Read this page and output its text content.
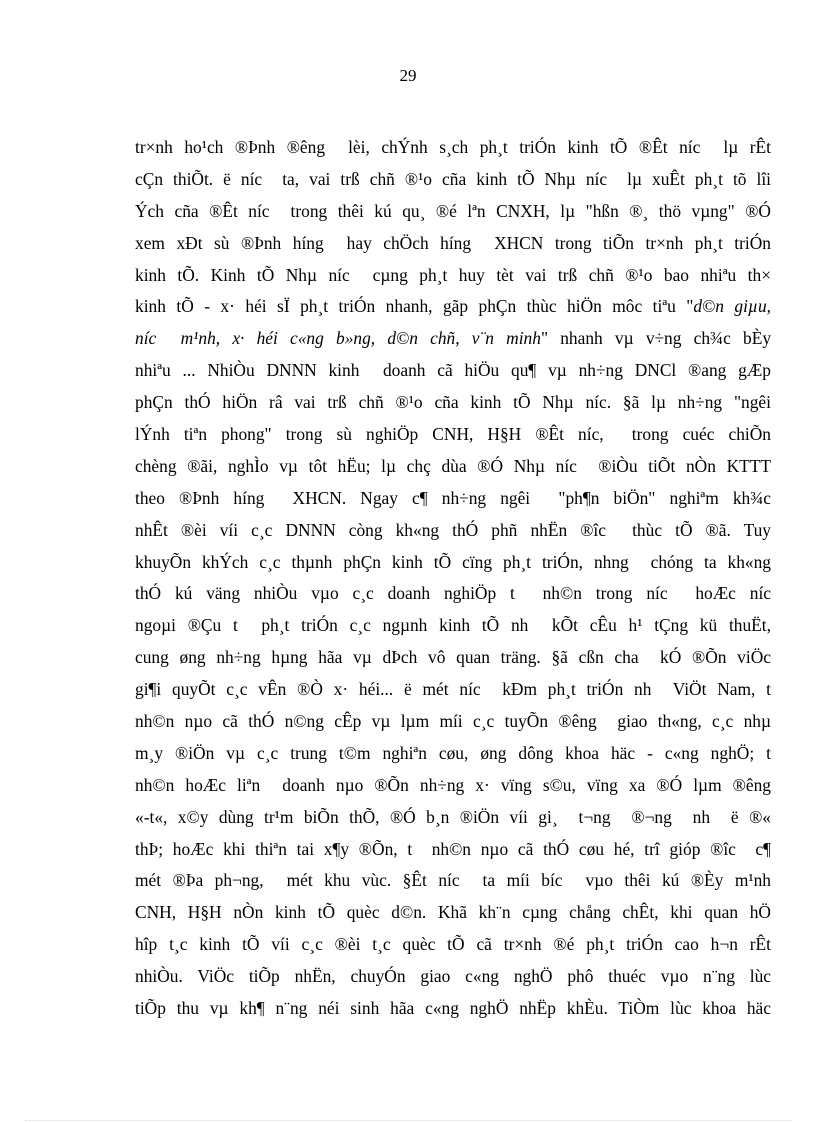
29
tr×nh ho¹ch ®Þnh ®êng  lèi, chÝnh s¸ch ph¸t triÓn kinh tÕ ®Êt níc  lµ rÊt
cÇn thiÕt. ë níc  ta, vai trß chñ ®¹o cña kinh tÕ Nhµ níc  lµ xuÊt ph¸t tõ lîi
Ých cña ®Êt níc  trong thêi kú qu¸ ®é lªn CNXH, lµ "hßn ®¸ thö vµng" ®Ó
xem xÐt sù ®Þnh híng  hay chÖch híng  XHCN trong tiÕn tr×nh ph¸t triÓn
kinh tÕ. Kinh tÕ Nhµ níc  cµng ph¸t huy tèt vai trß chñ ®¹o bao nhiªu th×
kinh tÕ - x· héi sÏ ph¸t triÓn nhanh, gãp phÇn thùc hiÖn môc tiªu "d©n giµu,
níc  m¹nh, x· héi c«ng b»ng, d©n chñ, v¨n minh" nhanh vµ v÷ng ch¾c bÈy
nhiªu ... NhiÒu DNNN kinh  doanh cã hiÖu qu¶ vµ nh÷ng DNCl ®ang gÆp
phÇn thÓ hiÖn râ vai trß chñ ®¹o cña kinh tÕ Nhµ níc. §ã lµ nh÷ng "ngêi
lÝnh tiªn phong" trong sù nghiÖp CNH, H§H ®Êt níc,  trong cuéc chiÕn
chèng ®ãi, nghÌo vµ tôt hËu; lµ chç dùa ®Ó Nhµ níc  ®iÒu tiÕt nÒn KTTT
theo ®Þnh híng  XHCN. Ngay c¶ nh÷ng ngêi  "ph¶n biÖn" nghiªm kh¾c
nhÊt ®èi víi c¸c DNNN còng kh«ng thÓ phñ nhËn ®îc  thùc tÕ ®ã. Tuy
khuyÕn khÝch c¸c thµnh phÇn kinh tÕ cïng ph¸t triÓn, nhng  chóng ta kh«ng
thÓ kú väng nhiÒu vµo c¸c doanh nghiÖp t  nh©n trong níc  hoÆc níc
ngoµi ®Çu t  ph¸t triÓn c¸c ngµnh kinh tÕ nh  kÕt cÊu h¹ tÇng kü thuËt,
cung øng nh÷ng hµng hãa vµ dÞch vô quan träng. §ã cßn cha  kÓ ®Õn viÖc
gi¶i quyÕt c¸c vÊn ®Ò x· héi... ë mét níc  kÐm ph¸t triÓn nh  ViÖt Nam, t
nh©n nµo cã thÓ n©ng cÊp vµ lµm míi c¸c tuyÕn ®êng  giao th«ng, c¸c nhµ
m¸y ®iÖn vµ c¸c trung t©m nghiªn cøu, øng dông khoa häc - c«ng nghÖ; t
nh©n hoÆc liªn  doanh nµo ®Õn nh÷ng x· vïng s©u, vïng xa ®Ó lµm ®êng
«-t«, x©y dùng tr¹m biÕn thÕ, ®Ó b¸n ®iÖn víi gi¸  t¬ng  ®¬ng  nh  ë ®«
thÞ; hoÆc khi thiªn tai x¶y ®Õn, t  nh©n nµo cã thÓ cøu hé, trî gióp ®îc  c¶
mét ®Þa ph¬ng,  mét khu vùc. §Êt níc  ta míi bíc  vµo thêi kú ®Èy m¹nh
CNH, H§H nÒn kinh tÕ quèc d©n. Khã kh¨n cµng chång chÊt, khi quan hÖ
hîp t¸c kinh tÕ víi c¸c ®èi t¸c quèc tÕ cã tr×nh ®é ph¸t triÓn cao h¬n rÊt
nhiÒu. ViÖc tiÕp nhËn, chuyÓn giao c«ng nghÖ phô thuéc vµo n¨ng lùc
tiÕp thu vµ kh¶ n¨ng néi sinh hãa c«ng nghÖ nhËp khÈu. TiÒm lùc khoa häc
